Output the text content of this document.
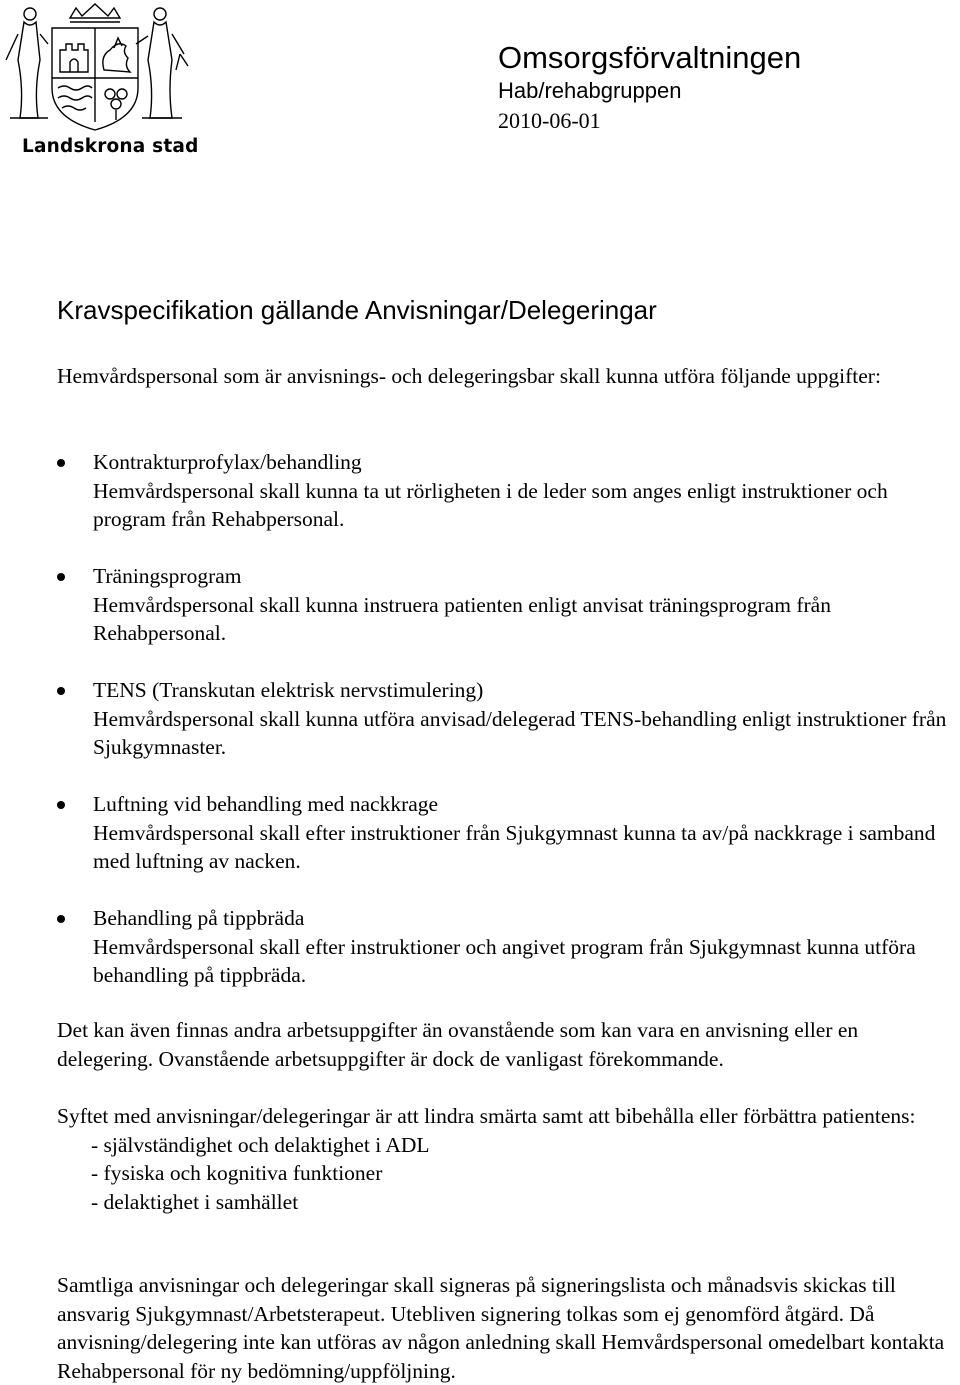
Landskrona stad
Omsorgsförvaltningen
Hab/rehabgruppen
2010-06-01
Kravspecifikation gällande Anvisningar/Delegeringar
Hemvårdspersonal som är anvisnings- och delegeringsbar skall kunna utföra följande uppgifter:
Kontrakturprofylax/behandling
Hemvårdspersonal skall kunna ta ut rörligheten i de leder som anges enligt instruktioner och program från Rehabpersonal.
Träningsprogram
Hemvårdspersonal skall kunna instruera patienten enligt anvisat träningsprogram från Rehabpersonal.
TENS (Transkutan elektrisk nervstimulering)
Hemvårdspersonal skall kunna utföra anvisad/delegerad TENS-behandling enligt instruktioner från Sjukgymnaster.
Luftning vid behandling med nackkrage
Hemvårdspersonal skall efter instruktioner från Sjukgymnast kunna ta av/på nackkrage i samband med luftning av nacken.
Behandling på tippbräda
Hemvårdspersonal skall efter instruktioner och angivet program från Sjukgymnast kunna utföra behandling på tippbräda.
Det kan även finnas andra arbetsuppgifter än ovanstående som kan vara en anvisning eller en delegering. Ovanstående arbetsuppgifter är dock de vanligast förekommande.
Syftet med anvisningar/delegeringar är att lindra smärta samt att bibehålla eller förbättra patientens:
- självständighet och delaktighet i ADL
- fysiska och kognitiva funktioner
- delaktighet i samhället
Samtliga anvisningar och delegeringar skall signeras på signeringslista och månadsvis skickas till ansvarig Sjukgymnast/Arbetsterapeut. Utebliven signering tolkas som ej genomförd åtgärd. Då anvisning/delegering inte kan utföras av någon anledning skall Hemvårdspersonal omedelbart kontakta Rehabpersonal för ny bedömning/uppföljning.
